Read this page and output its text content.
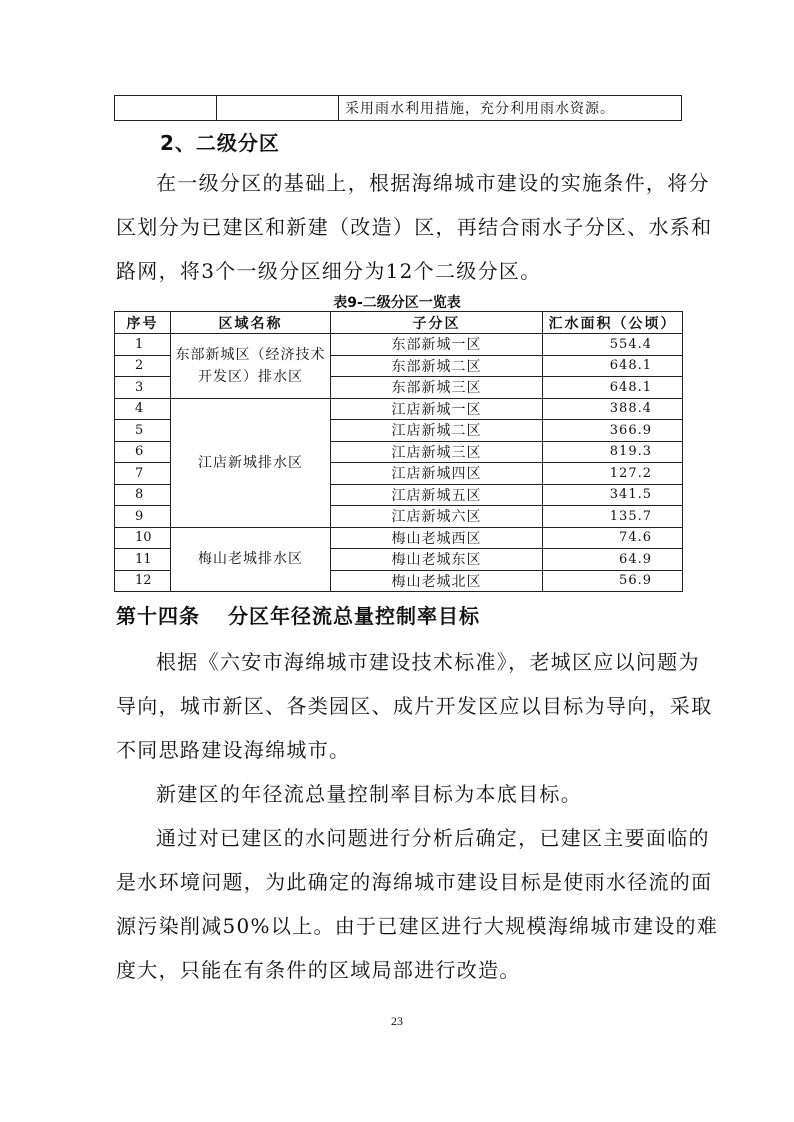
		采用雨水利用措施，充分利用雨水资源。
2、二级分区
在一级分区的基础上，根据海绵城市建设的实施条件，将分
区划分为已建区和新建（改造）区，再结合雨水子分区、水系和
路网，将3个一级分区细分为12个二级分区。
表9-二级分区一览表
序号	区域名称	子分区	汇水面积（公顷）
1	东部新城区（经济技术开发区）排水区	东部新城一区	554.4
2		东部新城二区	648.1
3		东部新城三区	648.1
4	江店新城排水区	江店新城一区	388.4
5		江店新城二区	366.9
6		江店新城三区	819.3
7		江店新城四区	127.2
8		江店新城五区	341.5
9		江店新城六区	135.7
10	梅山老城排水区	梅山老城西区	74.6
11		梅山老城东区	64.9
12		梅山老城北区	56.9
第十四条 分区年径流总量控制率目标
根据《六安市海绵城市建设技术标准》，老城区应以问题为
导向，城市新区、各类园区、成片开发区应以目标为导向，采取
不同思路建设海绵城市。
新建区的年径流总量控制率目标为本底目标。
通过对已建区的水问题进行分析后确定，已建区主要面临的
是水环境问题，为此确定的海绵城市建设目标是使雨水径流的面
源污染削减50%以上。由于已建区进行大规模海绵城市建设的难
度大，只能在有条件的区域局部进行改造。
23
